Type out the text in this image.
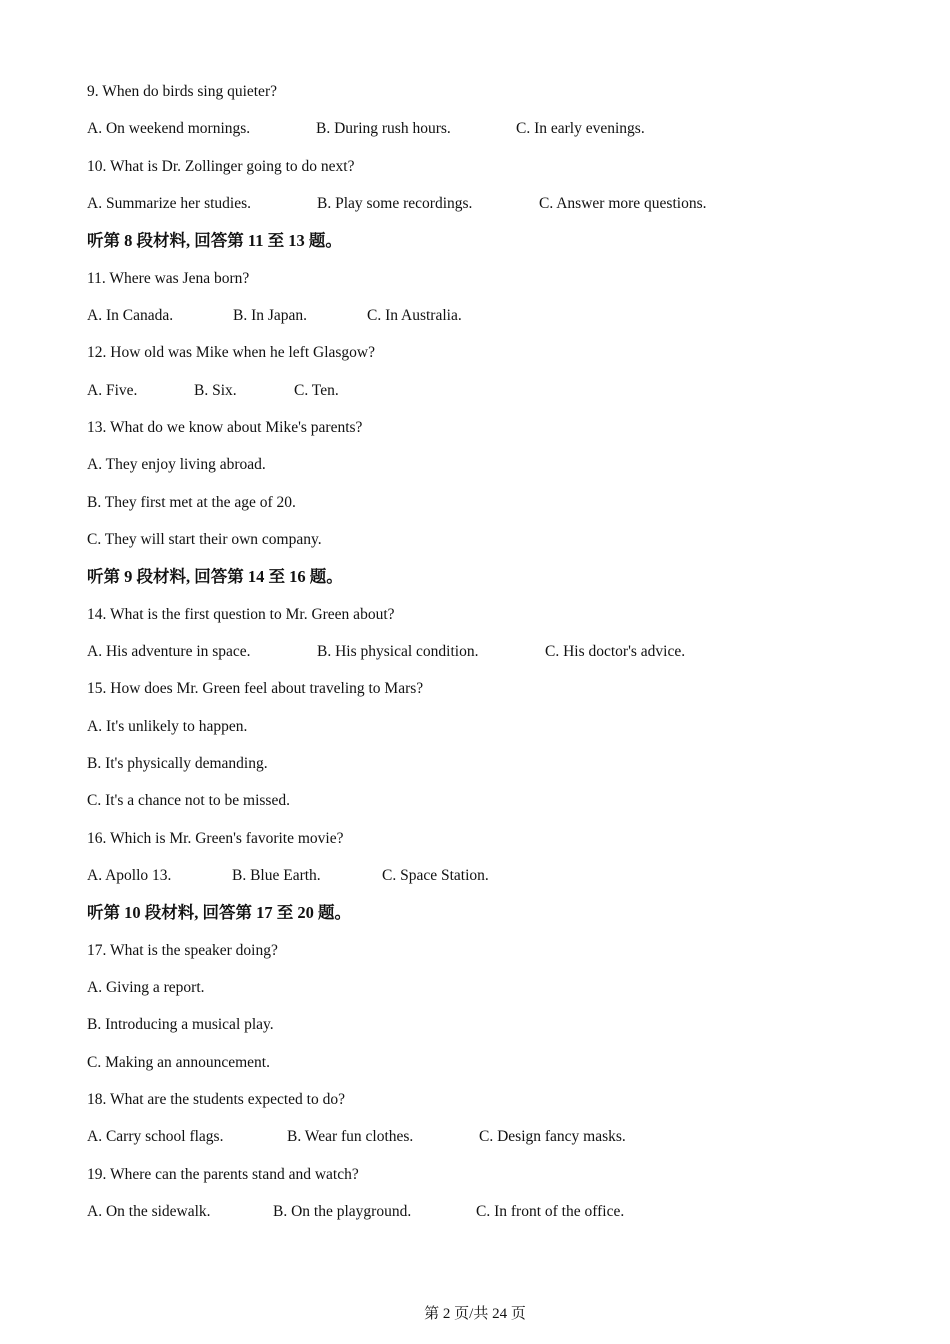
9. When do birds sing quieter?
A. On weekend mornings.	B. During rush hours.	C. In early evenings.
10. What is Dr. Zollinger going to do next?
A. Summarize her studies.	B. Play some recordings.	C. Answer more questions.
听第 8 段材料, 回答第 11 至 13 题。
11. Where was Jena born?
A. In Canada.	B. In Japan.	C. In Australia.
12. How old was Mike when he left Glasgow?
A. Five.	B. Six.	C. Ten.
13. What do we know about Mike's parents?
A. They enjoy living abroad.
B. They first met at the age of 20.
C. They will start their own company.
听第 9 段材料, 回答第 14 至 16 题。
14. What is the first question to Mr. Green about?
A. His adventure in space.	B. His physical condition.	C. His doctor's advice.
15. How does Mr. Green feel about traveling to Mars?
A. It's unlikely to happen.
B. It's physically demanding.
C. It's a chance not to be missed.
16. Which is Mr. Green's favorite movie?
A. Apollo 13.	B. Blue Earth.	C. Space Station.
听第 10 段材料, 回答第 17 至 20 题。
17. What is the speaker doing?
A. Giving a report.
B. Introducing a musical play.
C. Making an announcement.
18. What are the students expected to do?
A. Carry school flags.	B. Wear fun clothes.	C. Design fancy masks.
19. Where can the parents stand and watch?
A. On the sidewalk.	B. On the playground.	C. In front of the office.
第 2 页/共 24 页
